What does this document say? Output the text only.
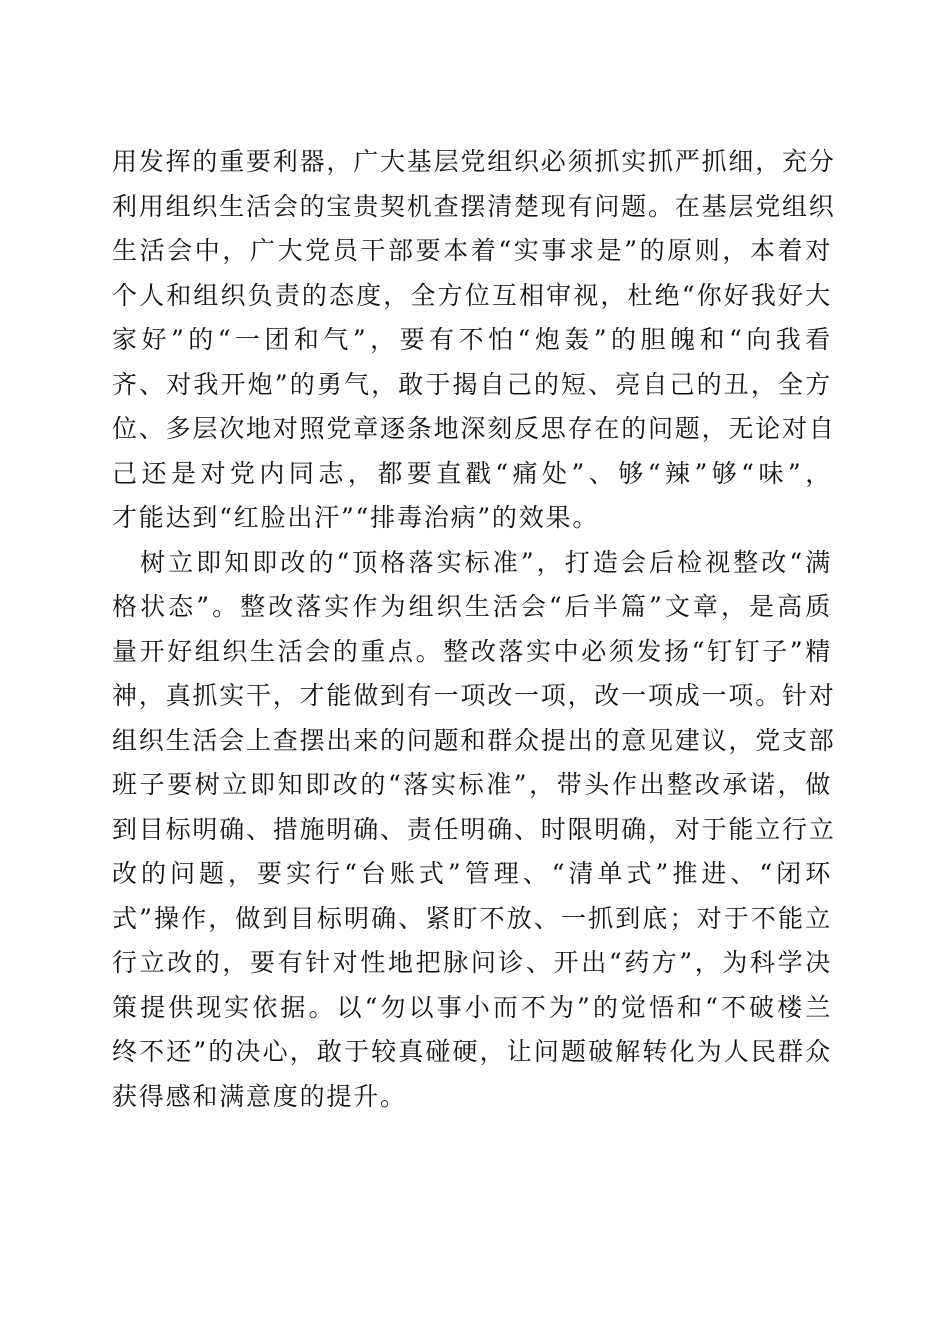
用发挥的重要利器，广大基层党组织必须抓实抓严抓细，充分
利用组织生活会的宝贵契机查摆清楚现有问题。在基层党组织
生活会中，广大党员干部要本着“实事求是”的原则，本着对
个人和组织负责的态度，全方位互相审视，杜绝“你好我好大
家好”的“一团和气”，要有不怕“炮轰”的胆魄和“向我看
齐、对我开炮”的勇气，敢于揭自己的短、亮自己的丑，全方
位、多层次地对照党章逐条地深刻反思存在的问题，无论对自
己还是对党内同志，都要直戳“痛处”、够“辣”够“味”，
才能达到“红脸出汗”“排毒治病”的效果。
树立即知即改的“顶格落实标准”，打造会后检视整改“满
格状态”。整改落实作为组织生活会“后半篇”文章，是高质
量开好组织生活会的重点。整改落实中必须发扬“钉钉子”精
神，真抓实干，才能做到有一项改一项，改一项成一项。针对
组织生活会上查摆出来的问题和群众提出的意见建议，党支部
班子要树立即知即改的“落实标准”，带头作出整改承诺，做
到目标明确、措施明确、责任明确、时限明确，对于能立行立
改的问题，要实行“台账式”管理、“清单式”推进、“闭环
式”操作，做到目标明确、紧盯不放、一抓到底；对于不能立
行立改的，要有针对性地把脉问诊、开出“药方”，为科学决
策提供现实依据。以“勿以事小而不为”的觉悟和“不破楼兰
终不还”的决心，敢于较真碰硬，让问题破解转化为人民群众
获得感和满意度的提升。
